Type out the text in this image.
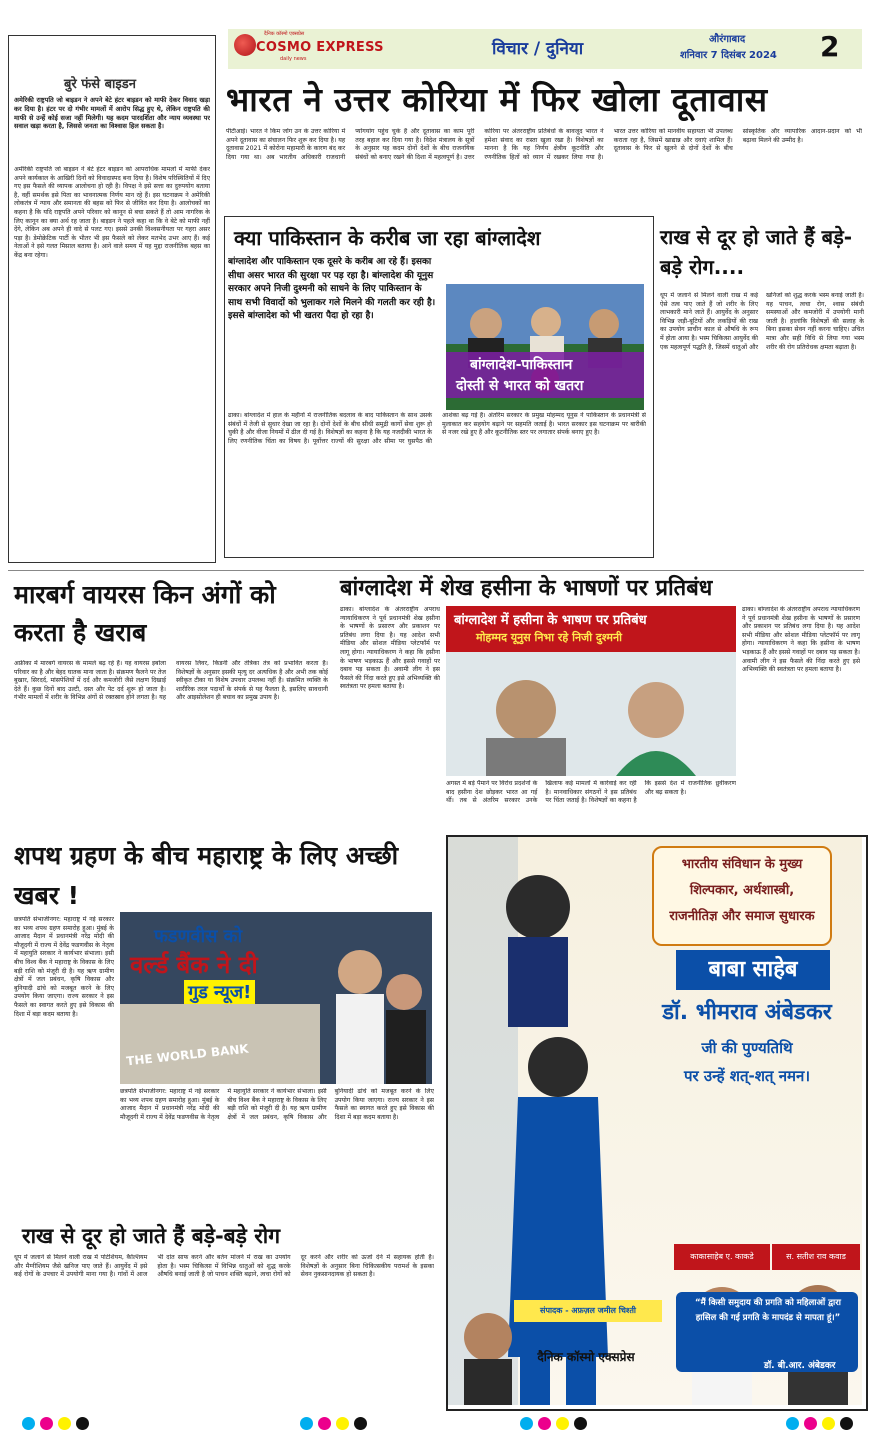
दैनिक कॉस्मो एक्सप्रेस
COSMO EXPRESS
daily news	विचार / दुनिया	औरंगाबाद
शनिवार 7 दिसंबर 2024 2
बुरे फंसे बाइडन
अमेरिकी राष्ट्रपति जो बाइडन ने अपने बेटे हंटर बाइडन को माफी देकर विवाद खड़ा कर दिया है। हंटर पर दो गंभीर मामलों में आरोप सिद्ध हुए थे, लेकिन राष्ट्रपति की माफी से उन्हें कोई सजा नहीं मिलेगी। यह कदम पारदर्शिता और न्याय व्यवस्था पर सवाल खड़ा करता है, जिससे जनता का विश्वास हिल सकता है।
अमेरिकी राष्ट्रपति जो बाइडन ने बेटे हंटर बाइडन को आपराधिक मामलों में माफी देकर अपने कार्यकाल के आखिरी दिनों को विवादास्पद बना दिया है। विशेष परिस्थितियों में दिए गए इस फैसले की व्यापक आलोचना हो रही है। विपक्ष ने इसे सत्ता का दुरुपयोग बताया है, वहीं समर्थक इसे पिता का भावनात्मक निर्णय मान रहे हैं। इस घटनाक्रम ने अमेरिकी लोकतंत्र में न्याय और समानता की बहस को फिर से जीवित कर दिया है। आलोचकों का कहना है कि यदि राष्ट्रपति अपने परिवार को कानून से बचा सकते हैं तो आम नागरिक के लिए कानून का क्या अर्थ रह जाता है। बाइडन ने पहले कहा था कि वे बेटे को माफी नहीं देंगे, लेकिन अब अपने ही वादे से पलट गए। इससे उनकी विश्वसनीयता पर गहरा असर पड़ा है। डेमोक्रेटिक पार्टी के भीतर भी इस फैसले को लेकर मतभेद उभर आए हैं। कई नेताओं ने इसे गलत मिसाल बताया है। आने वाले समय में यह मुद्दा राजनीतिक बहस का केंद्र बना रहेगा।
भारत ने उत्तर कोरिया में फिर खोला दूतावास
पीटीआई। भारत ने किम जोंग उन के उत्तर कोरिया में अपने दूतावास का संचालन फिर शुरू कर दिया है। यह दूतावास 2021 में कोरोना महामारी के कारण बंद कर दिया गया था। अब भारतीय अधिकारी राजधानी प्योंगयांग पहुंच चुके हैं और दूतावास का काम पूरी तरह बहाल कर दिया गया है। विदेश मंत्रालय के सूत्रों के अनुसार यह कदम दोनों देशों के बीच राजनयिक संबंधों को बनाए रखने की दिशा में महत्वपूर्ण है। उत्तर कोरिया पर अंतरराष्ट्रीय प्रतिबंधों के बावजूद भारत ने हमेशा संवाद का रास्ता खुला रखा है। विशेषज्ञों का मानना है कि यह निर्णय क्षेत्रीय कूटनीति और रणनीतिक हितों को ध्यान में रखकर लिया गया है। भारत उत्तर कोरिया को मानवीय सहायता भी उपलब्ध कराता रहा है, जिसमें खाद्यान्न और दवाएं शामिल हैं। दूतावास के फिर से खुलने से दोनों देशों के बीच सांस्कृतिक और व्यापारिक आदान-प्रदान को भी बढ़ावा मिलने की उम्मीद है।
क्या पाकिस्तान के करीब जा रहा बांग्लादेश
बांग्लादेश और पाकिस्तान एक दूसरे के करीब आ रहे हैं। इसका सीधा असर भारत की सुरक्षा पर पड़ रहा है। बांग्लादेश की यूनुस सरकार अपने निजी दुश्मनी को साधने के लिए पाकिस्तान के साथ सभी विवादों को भुलाकर गले मिलने की गलती कर रही है। इससे बांग्लादेश को भी खतरा पैदा हो रहा है।
बांग्लादेश-पाकिस्तान
दोस्ती से भारत को खतरा
ढाका। बांग्लादेश में हाल के महीनों में राजनीतिक बदलाव के बाद पाकिस्तान के साथ उसके संबंधों में तेजी से सुधार देखा जा रहा है। दोनों देशों के बीच सीधी समुद्री कार्गो सेवा शुरू हो चुकी है और वीजा नियमों में ढील दी गई है। विशेषज्ञों का कहना है कि यह नजदीकी भारत के लिए रणनीतिक चिंता का विषय है। पूर्वोत्तर राज्यों की सुरक्षा और सीमा पर घुसपैठ की आशंका बढ़ गई है। अंतरिम सरकार के प्रमुख मोहम्मद यूनुस ने पाकिस्तान के प्रधानमंत्री से मुलाकात कर सहयोग बढ़ाने पर सहमति जताई है। भारत सरकार इस घटनाक्रम पर बारीकी से नजर रखे हुए है और कूटनीतिक स्तर पर लगातार संपर्क बनाए हुए है।
राख से दूर हो जाते हैं बड़े-बड़े रोग....
धूप में जलाने से मिलने वाली राख में कई ऐसे तत्व पाए जाते हैं जो शरीर के लिए लाभकारी माने जाते हैं। आयुर्वेद के अनुसार विभिन्न जड़ी-बूटियों और लकड़ियों की राख का उपयोग प्राचीन काल से औषधि के रूप में होता आया है। भस्म चिकित्सा आयुर्वेद की एक महत्वपूर्ण पद्धति है, जिसमें धातुओं और खनिजों को शुद्ध करके भस्म बनाई जाती है। यह पाचन, त्वचा रोग, श्वास संबंधी समस्याओं और कमजोरी में उपयोगी मानी जाती है। हालांकि विशेषज्ञों की सलाह के बिना इसका सेवन नहीं करना चाहिए। उचित मात्रा और सही विधि से लिया गया भस्म शरीर की रोग प्रतिरोधक क्षमता बढ़ाता है।
मारबर्ग वायरस किन अंगों को करता है खराब
अफ्रीका में मारबर्ग वायरस के मामले बढ़ रहे हैं। यह वायरस इबोला परिवार का है और बेहद घातक माना जाता है। संक्रमण फैलने पर तेज बुखार, सिरदर्द, मांसपेशियों में दर्द और कमजोरी जैसे लक्षण दिखाई देते हैं। कुछ दिनों बाद उल्टी, दस्त और पेट दर्द शुरू हो जाता है। गंभीर मामलों में शरीर के विभिन्न अंगों से रक्तस्राव होने लगता है। यह वायरस लिवर, किडनी और तंत्रिका तंत्र को प्रभावित करता है। विशेषज्ञों के अनुसार इसकी मृत्यु दर अत्यधिक है और अभी तक कोई स्वीकृत टीका या विशेष उपचार उपलब्ध नहीं है। संक्रमित व्यक्ति के शारीरिक तरल पदार्थों के संपर्क से यह फैलता है, इसलिए सावधानी और आइसोलेशन ही बचाव का प्रमुख उपाय है।
बांग्लादेश में शेख हसीना के भाषणों पर प्रतिबंध
ढाका। बांग्लादेश के अंतरराष्ट्रीय अपराध न्यायाधिकरण ने पूर्व प्रधानमंत्री शेख हसीना के भाषणों के प्रसारण और प्रकाशन पर प्रतिबंध लगा दिया है। यह आदेश सभी मीडिया और सोशल मीडिया प्लेटफॉर्म पर लागू होगा। न्यायाधिकरण ने कहा कि हसीना के भाषण भड़काऊ हैं और इससे गवाहों पर दबाव पड़ सकता है। अवामी लीग ने इस फैसले की निंदा करते हुए इसे अभिव्यक्ति की स्वतंत्रता पर हमला बताया है।
बांग्लादेश में हसीना के भाषण पर प्रतिबंध
मोहम्मद यूनुस निभा रहे निजी दुश्मनी
अगस्त में बड़े पैमाने पर विरोध प्रदर्शनों के बाद हसीना देश छोड़कर भारत आ गई थीं। तब से अंतरिम सरकार उनके खिलाफ कई मामलों में कार्रवाई कर रही है। मानवाधिकार संगठनों ने इस प्रतिबंध पर चिंता जताई है। विशेषज्ञों का कहना है कि इससे देश में राजनीतिक ध्रुवीकरण और बढ़ सकता है।
ढाका। बांग्लादेश के अंतरराष्ट्रीय अपराध न्यायाधिकरण ने पूर्व प्रधानमंत्री शेख हसीना के भाषणों के प्रसारण और प्रकाशन पर प्रतिबंध लगा दिया है। यह आदेश सभी मीडिया और सोशल मीडिया प्लेटफॉर्म पर लागू होगा। न्यायाधिकरण ने कहा कि हसीना के भाषण भड़काऊ हैं और इससे गवाहों पर दबाव पड़ सकता है। अवामी लीग ने इस फैसले की निंदा करते हुए इसे अभिव्यक्ति की स्वतंत्रता पर हमला बताया है।
शपथ ग्रहण के बीच महाराष्ट्र के लिए अच्छी खबर !
छत्रपति संभाजीनगर: महाराष्ट्र में नई सरकार का भव्य शपथ ग्रहण समारोह हुआ। मुंबई के आजाद मैदान में प्रधानमंत्री नरेंद्र मोदी की मौजूदगी में राज्य में देवेंद्र फडणवीस के नेतृत्व में महायुति सरकार ने कार्यभार संभाला। इसी बीच विश्व बैंक ने महाराष्ट्र के विकास के लिए बड़ी राशि को मंजूरी दी है। यह ऋण ग्रामीण क्षेत्रों में जल प्रबंधन, कृषि विकास और बुनियादी ढांचे को मजबूत करने के लिए उपयोग किया जाएगा। राज्य सरकार ने इस फैसले का स्वागत करते हुए इसे विकास की दिशा में बड़ा कदम बताया है।
फडणवीस को
वर्ल्ड बैंक ने दी
गुड न्यूज!
THE WORLD BANK
छत्रपति संभाजीनगर: महाराष्ट्र में नई सरकार का भव्य शपथ ग्रहण समारोह हुआ। मुंबई के आजाद मैदान में प्रधानमंत्री नरेंद्र मोदी की मौजूदगी में राज्य में देवेंद्र फडणवीस के नेतृत्व में महायुति सरकार ने कार्यभार संभाला। इसी बीच विश्व बैंक ने महाराष्ट्र के विकास के लिए बड़ी राशि को मंजूरी दी है। यह ऋण ग्रामीण क्षेत्रों में जल प्रबंधन, कृषि विकास और बुनियादी ढांचे को मजबूत करने के लिए उपयोग किया जाएगा। राज्य सरकार ने इस फैसले का स्वागत करते हुए इसे विकास की दिशा में बड़ा कदम बताया है।
राख से दूर हो जाते हैं बड़े-बड़े रोग
धूप में जलाने से मिलने वाली राख में पोटेशियम, कैल्शियम और मैग्नीशियम जैसे खनिज पाए जाते हैं। आयुर्वेद में इसे कई रोगों के उपचार में उपयोगी माना गया है। गांवों में आज भी दांत साफ करने और बर्तन मांजने में राख का उपयोग होता है। भस्म चिकित्सा में विभिन्न धातुओं को शुद्ध करके औषधि बनाई जाती है जो पाचन शक्ति बढ़ाने, त्वचा रोगों को दूर करने और शरीर को ऊर्जा देने में सहायक होती है। विशेषज्ञों के अनुसार बिना चिकित्सकीय परामर्श के इसका सेवन नुकसानदायक हो सकता है।
भारतीय संविधान के मुख्य
शिल्पकार, अर्थशास्त्री,
राजनीतिज्ञ और समाज सुधारक
बाबा साहेब
डॉ. भीमराव अंबेडकर
जी की पुण्यतिथि
पर उन्हें शत्-शत् नमन।
काकासाहेब ए. काकडे	स. सतीश राव कवाड
संपादक - अफ़ज़ल जमील चिश्ती
दैनिक कॉस्मो एक्सप्रेस
“मैं किसी समुदाय की प्रगति को महिलाओं द्वारा हासिल की गई प्रगति के मापदंड से मापता हूं।”
डॉ. बी.आर. अंबेडकर
